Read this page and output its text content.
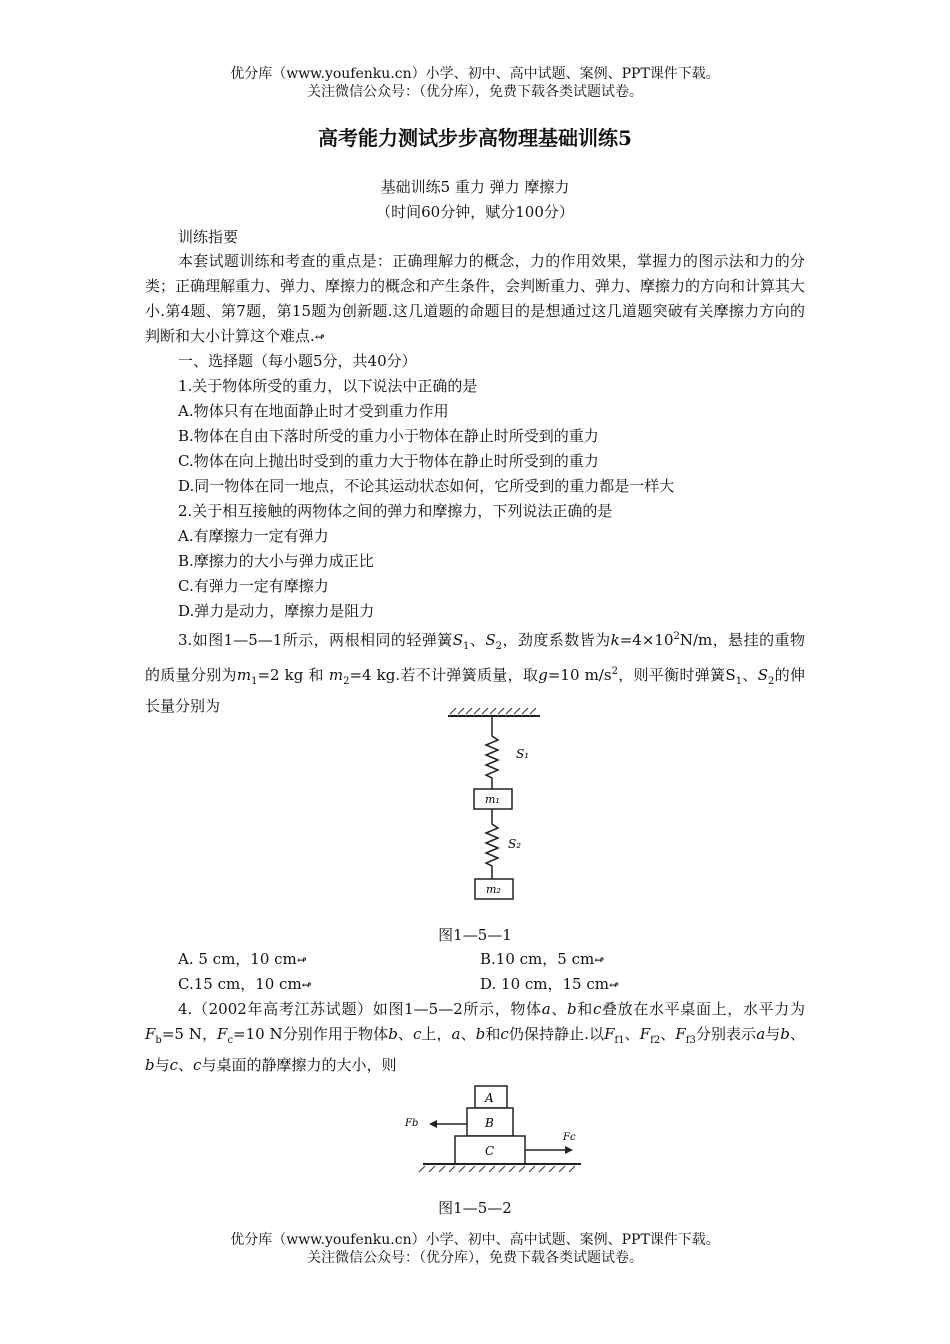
优分库（www.youfenku.cn）小学、初中、高中试题、案例、PPT课件下载。
关注微信公众号：（优分库），免费下载各类试题试卷。
高考能力测试步步高物理基础训练5
基础训练5 重力 弹力 摩擦力
（时间60分钟，赋分100分）
训练指要
本套试题训练和考查的重点是：正确理解力的概念，力的作用效果，掌握力的图示法和力的分类；正确理解重力、弹力、摩擦力的概念和产生条件，会判断重力、弹力、摩擦力的方向和计算其大小.第4题、第7题，第15题为创新题.这几道题的命题目的是想通过这几道题突破有关摩擦力方向的判断和大小计算这个难点.↫
一、选择题（每小题5分，共40分）
1.关于物体所受的重力，以下说法中正确的是
A.物体只有在地面静止时才受到重力作用
B.物体在自由下落时所受的重力小于物体在静止时所受到的重力
C.物体在向上抛出时受到的重力大于物体在静止时所受到的重力
D.同一物体在同一地点，不论其运动状态如何，它所受到的重力都是一样大
2.关于相互接触的两物体之间的弹力和摩擦力，下列说法正确的是
A.有摩擦力一定有弹力
B.摩擦力的大小与弹力成正比
C.有弹力一定有摩擦力
D.弹力是动力，摩擦力是阻力
3.如图1—5—1所示，两根相同的轻弹簧$S_1$、$S_2$，劲度系数皆为$k=4\times 10^2N/m$，悬挂的重物的质量分别为$m_1=2$ kg 和 $m_2=4$ kg.若不计弹簧质量，取g=10 $m/s^2$，则平衡时弹簧$S_1$、$S_2$的伸长量分别为
S₁
m₁
S₂
m₂
图1—5—1
A. 5 cm，10 cm↫	B.10 cm，5 cm↫
C.15 cm，10 cm↫	D. 10 cm，15 cm↫
4.（2002年高考江苏试题）如图1—5—2所示，物体a、b和c叠放在水平桌面上，水平力为$F_b=5$ N，$F_c=10$ N分别作用于物体b、c上，a、b和c仍保持静止.以$F_{f1}$、$F_{f2}$、$F_{f3}$分别表示a与b、b与c、c与桌面的静摩擦力的大小，则
A
B
C
Fb
Fc
图1—5—2
优分库（www.youfenku.cn）小学、初中、高中试题、案例、PPT课件下载。
关注微信公众号：（优分库），免费下载各类试题试卷。
